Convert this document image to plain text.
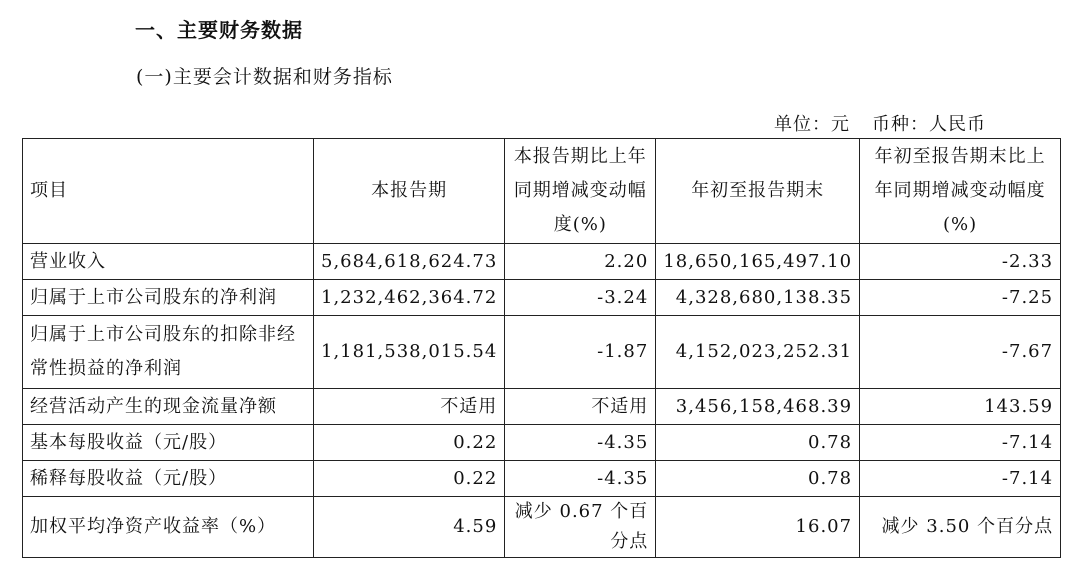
一、主要财务数据
(一)主要会计数据和财务指标
单位：元 币种：人民币
项目	本报告期	本报告期比上年同期增减变动幅度(%)	年初至报告期末	年初至报告期末比上年同期增减变动幅度(%)
营业收入	5,684,618,624.73	2.20	18,650,165,497.10	-2.33
归属于上市公司股东的净利润	1,232,462,364.72	-3.24	4,328,680,138.35	-7.25
归属于上市公司股东的扣除非经常性损益的净利润	1,181,538,015.54	-1.87	4,152,023,252.31	-7.67
经营活动产生的现金流量净额	不适用	不适用	3,456,158,468.39	143.59
基本每股收益（元/股）	0.22	-4.35	0.78	-7.14
稀释每股收益（元/股）	0.22	-4.35	0.78	-7.14
加权平均净资产收益率（%）	4.59	减少 0.67 个百分点	16.07	减少 3.50 个百分点
